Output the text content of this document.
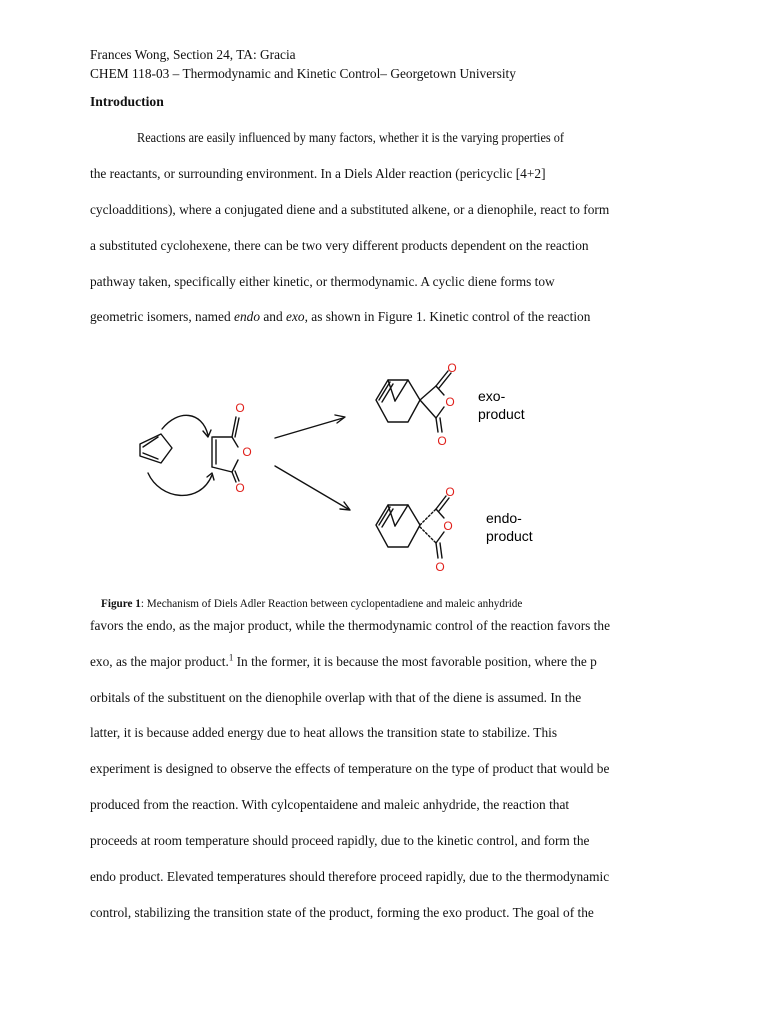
Frances Wong, Section 24, TA: Gracia
CHEM 118-03 – Thermodynamic and Kinetic Control– Georgetown University
Introduction
Reactions are easily influenced by many factors, whether it is the varying properties of
the reactants, or surrounding environment. In a Diels Alder reaction (pericyclic [4+2]
cycloadditions), where a conjugated diene and a substituted alkene, or a dienophile, react to form
a substituted cyclohexene, there can be two very different products dependent on the reaction
pathway taken, specifically either kinetic, or thermodynamic. A cyclic diene forms tow
geometric isomers, named endo and exo, as shown in Figure 1. Kinetic control of the reaction
O
O
O
O
O
O
O
O
O
exo-
product
endo-
product
Figure 1: Mechanism of Diels Adler Reaction between cyclopentadiene and maleic anhydride
favors the endo, as the major product, while the thermodynamic control of the reaction favors the
exo, as the major product.$^1$ In the former, it is because the most favorable position, where the p
orbitals of the substituent on the dienophile overlap with that of the diene is assumed. In the
latter, it is because added energy due to heat allows the transition state to stabilize. This
experiment is designed to observe the effects of temperature on the type of product that would be
produced from the reaction. With cylcopentaidene and maleic anhydride, the reaction that
proceeds at room temperature should proceed rapidly, due to the kinetic control, and form the
endo product. Elevated temperatures should therefore proceed rapidly, due to the thermodynamic
control, stabilizing the transition state of the product, forming the exo product. The goal of the
